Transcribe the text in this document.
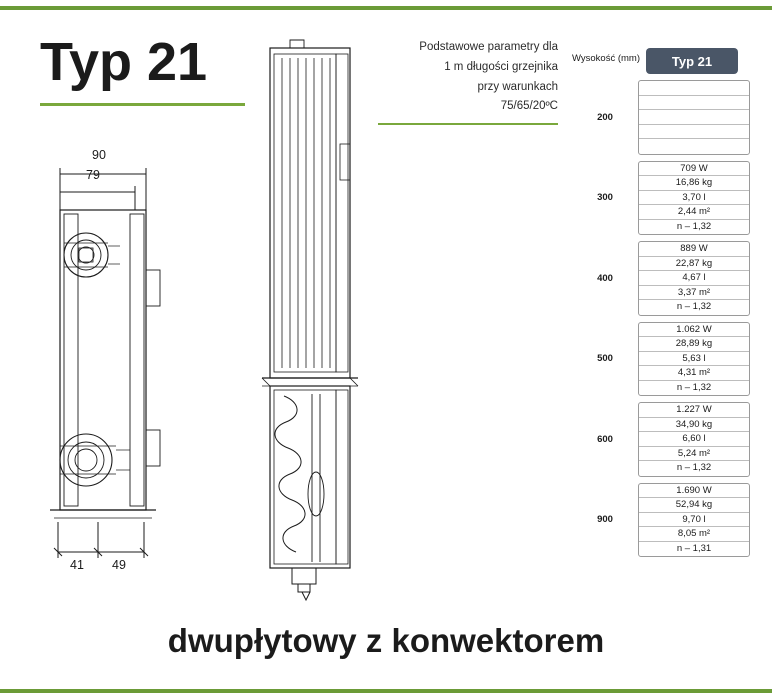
Typ 21	Podstawowe parametry dla
1 m długości grzejnika
przy warunkach
75/65/20ºC
90
79
41 49
Wysokość (mm)	Typ 21
200	

300	709 W
16,86 kg
3,70 l
2,44 m²
n – 1,32

400	889 W
22,87 kg
4,67 l
3,37 m²
n – 1,32

500	1.062 W
28,89 kg
5,63 l
4,31 m²
n – 1,32

600	1.227 W
34,90 kg
6,60 l
5,24 m²
n – 1,32

900	1.690 W
52,94 kg
9,70 l
8,05 m²
n – 1,31
dwupłytowy z konwektorem
